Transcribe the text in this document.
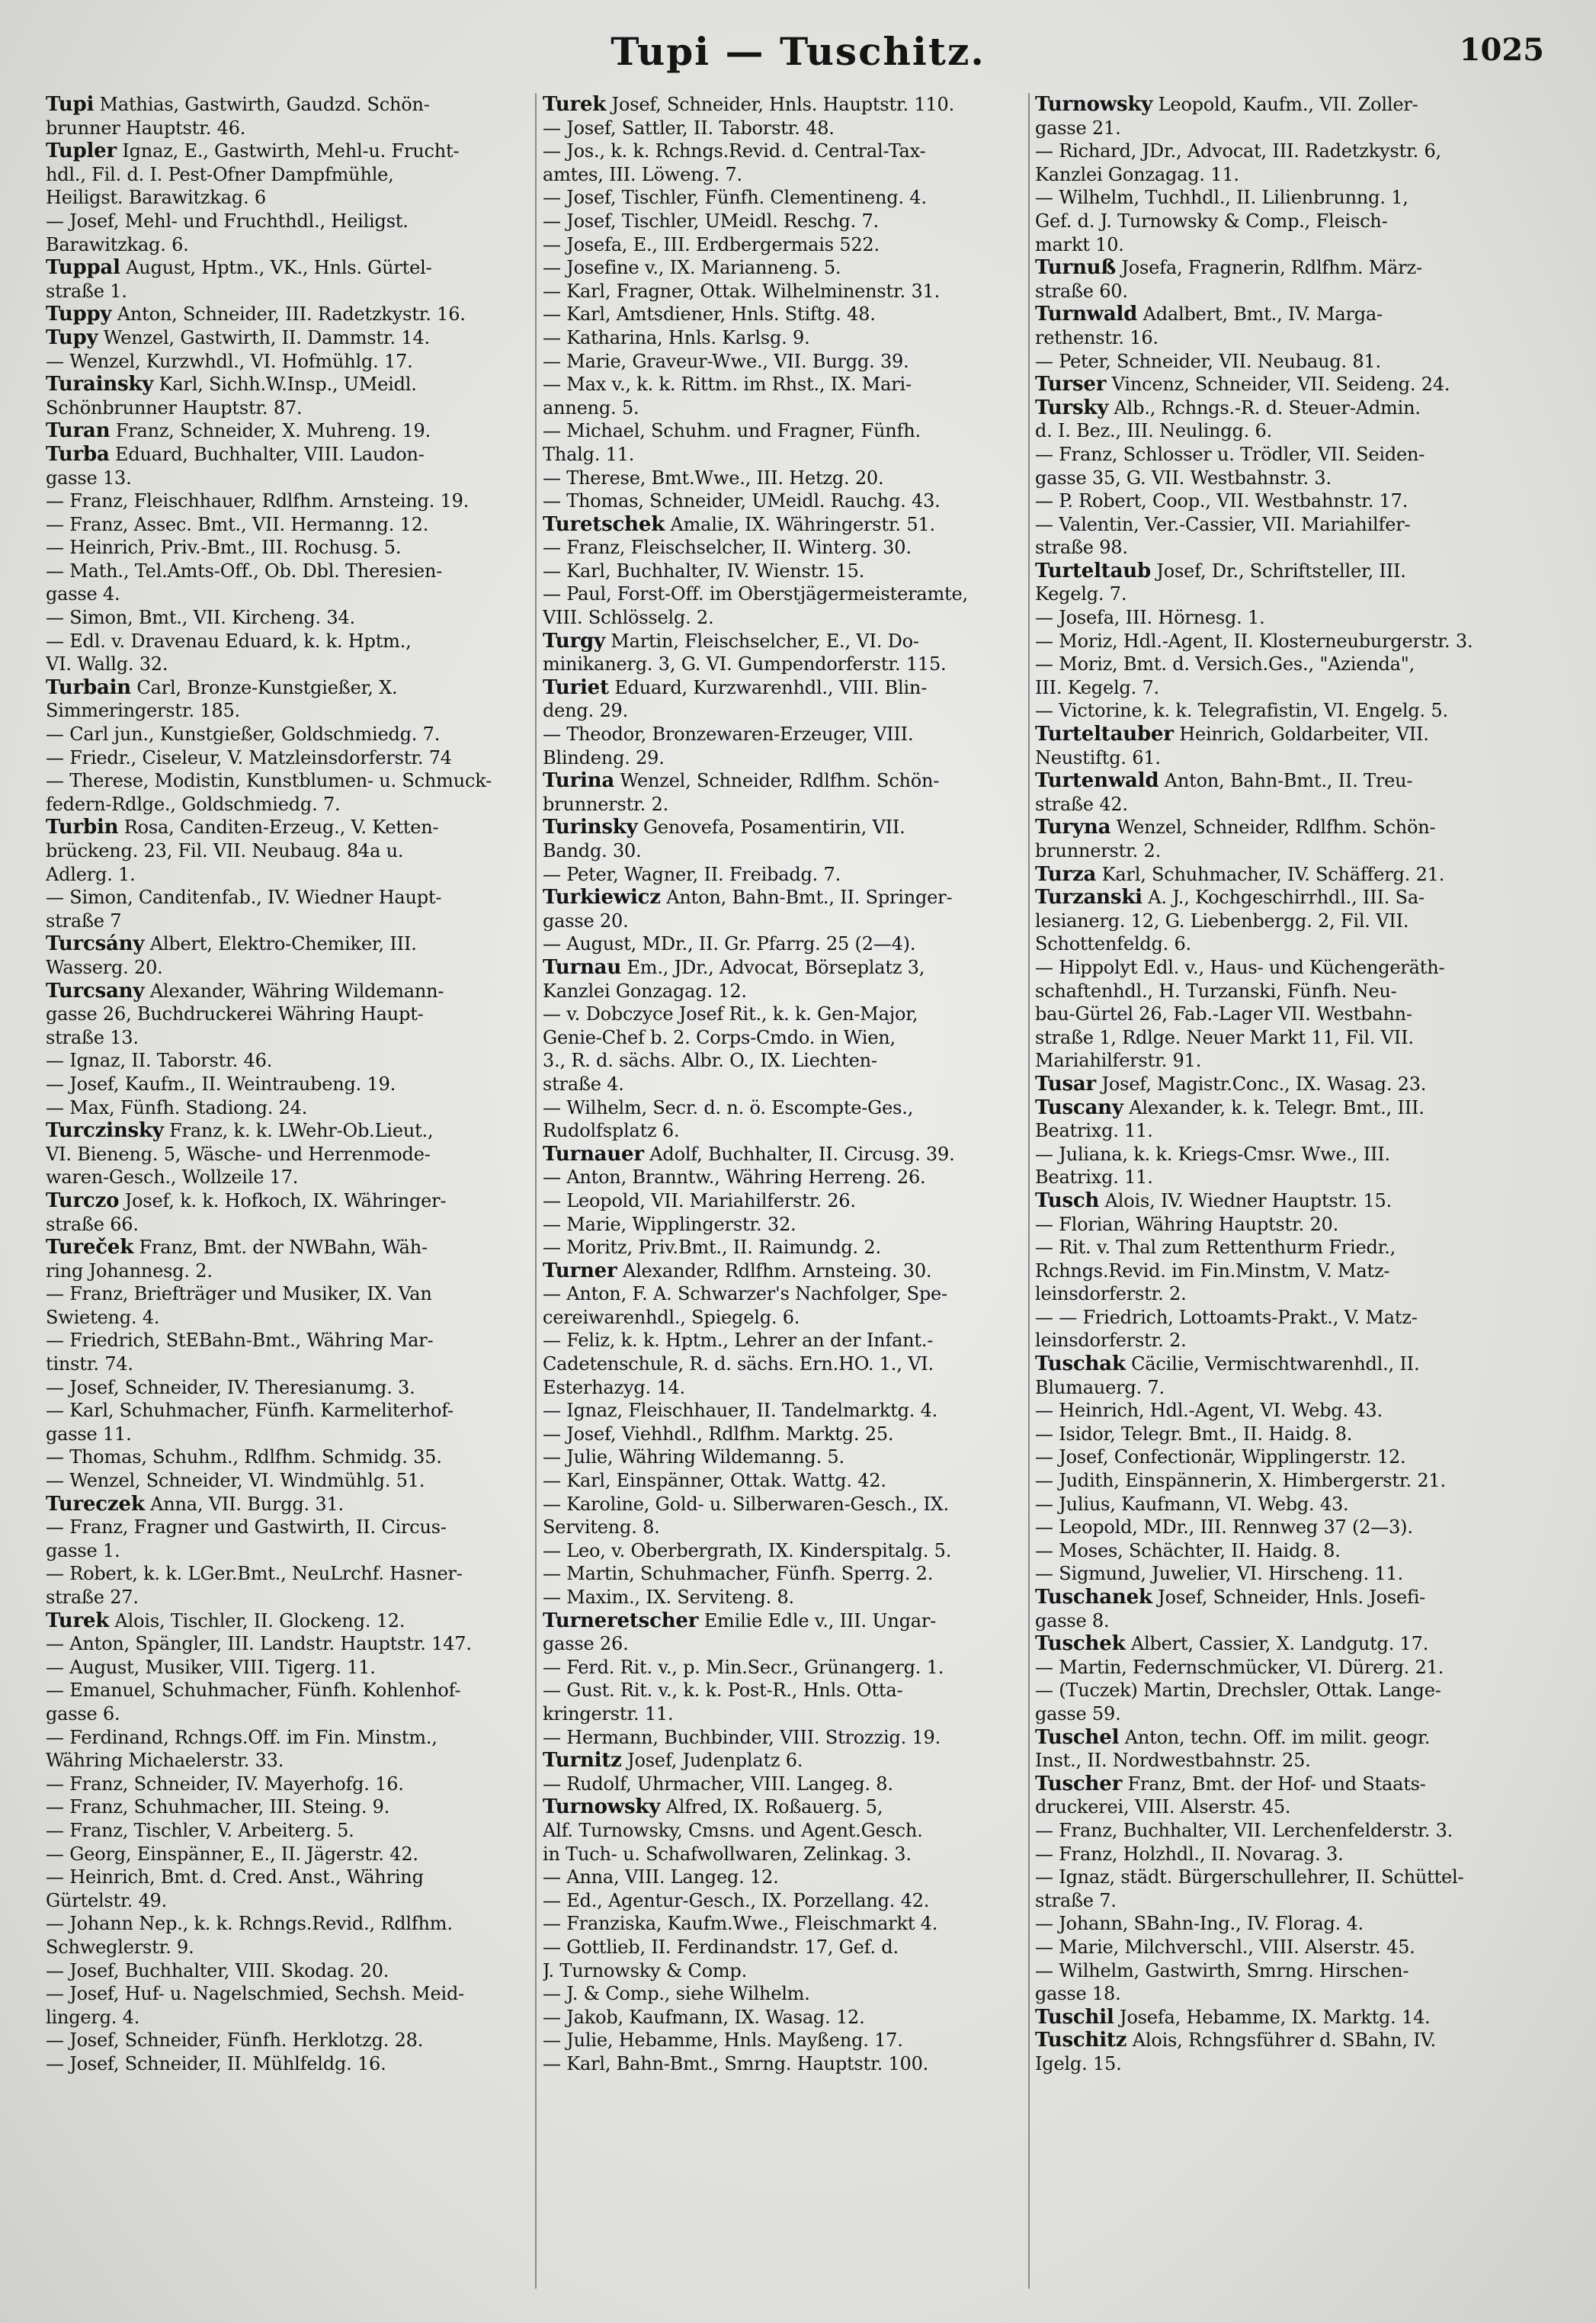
Tupi — Tuschitz.	1025
Tupi Mathias, Gastwirth, Gaudzd. Schön-
brunner Hauptstr. 46.
Tupler Ignaz, E., Gastwirth, Mehl-u. Frucht-
hdl., Fil. d. I. Pest-Ofner Dampfmühle,
Heiligst. Barawitzkag. 6
— Josef, Mehl- und Fruchthdl., Heiligst.
Barawitzkag. 6.
Tuppal August, Hptm., VK., Hnls. Gürtel-
straße 1.
Tuppy Anton, Schneider, III. Radetzkystr. 16.
Tupy Wenzel, Gastwirth, II. Dammstr. 14.
— Wenzel, Kurzwhdl., VI. Hofmühlg. 17.
Turainsky Karl, Sichh.W.Insp., UMeidl.
Schönbrunner Hauptstr. 87.
Turan Franz, Schneider, X. Muhreng. 19.
Turba Eduard, Buchhalter, VIII. Laudon-
gasse 13.
— Franz, Fleischhauer, Rdlfhm. Arnsteing. 19.
— Franz, Assec. Bmt., VII. Hermanng. 12.
— Heinrich, Priv.-Bmt., III. Rochusg. 5.
— Math., Tel.Amts-Off., Ob. Dbl. Theresien-
gasse 4.
— Simon, Bmt., VII. Kircheng. 34.
— Edl. v. Dravenau Eduard, k. k. Hptm.,
VI. Wallg. 32.
Turbain Carl, Bronze-Kunstgießer, X.
Simmeringerstr. 185.
— Carl jun., Kunstgießer, Goldschmiedg. 7.
— Friedr., Ciseleur, V. Matzleinsdorferstr. 74
— Therese, Modistin, Kunstblumen- u. Schmuck-
federn-Rdlge., Goldschmiedg. 7.
Turbin Rosa, Canditen-Erzeug., V. Ketten-
brückeng. 23, Fil. VII. Neubaug. 84a u.
Adlerg. 1.
— Simon, Canditenfab., IV. Wiedner Haupt-
straße 7
Turcsány Albert, Elektro-Chemiker, III.
Wasserg. 20.
Turcsany Alexander, Währing Wildemann-
gasse 26, Buchdruckerei Währing Haupt-
straße 13.
— Ignaz, II. Taborstr. 46.
— Josef, Kaufm., II. Weintraubeng. 19.
— Max, Fünfh. Stadiong. 24.
Turczinsky Franz, k. k. LWehr-Ob.Lieut.,
VI. Bieneng. 5, Wäsche- und Herrenmode-
waren-Gesch., Wollzeile 17.
Turczo Josef, k. k. Hofkoch, IX. Währinger-
straße 66.
Tureček Franz, Bmt. der NWBahn, Wäh-
ring Johannesg. 2.
— Franz, Briefträger und Musiker, IX. Van
Swieteng. 4.
— Friedrich, StEBahn-Bmt., Währing Mar-
tinstr. 74.
— Josef, Schneider, IV. Theresianumg. 3.
— Karl, Schuhmacher, Fünfh. Karmeliterhof-
gasse 11.
— Thomas, Schuhm., Rdlfhm. Schmidg. 35.
— Wenzel, Schneider, VI. Windmühlg. 51.
Tureczek Anna, VII. Burgg. 31.
— Franz, Fragner und Gastwirth, II. Circus-
gasse 1.
— Robert, k. k. LGer.Bmt., NeuLrchf. Hasner-
straße 27.
Turek Alois, Tischler, II. Glockeng. 12.
— Anton, Spängler, III. Landstr. Hauptstr. 147.
— August, Musiker, VIII. Tigerg. 11.
— Emanuel, Schuhmacher, Fünfh. Kohlenhof-
gasse 6.
— Ferdinand, Rchngs.Off. im Fin. Minstm.,
Währing Michaelerstr. 33.
— Franz, Schneider, IV. Mayerhofg. 16.
— Franz, Schuhmacher, III. Steing. 9.
— Franz, Tischler, V. Arbeiterg. 5.
— Georg, Einspänner, E., II. Jägerstr. 42.
— Heinrich, Bmt. d. Cred. Anst., Währing
Gürtelstr. 49.
— Johann Nep., k. k. Rchngs.Revid., Rdlfhm.
Schweglerstr. 9.
— Josef, Buchhalter, VIII. Skodag. 20.
— Josef, Huf- u. Nagelschmied, Sechsh. Meid-
lingerg. 4.
— Josef, Schneider, Fünfh. Herklotzg. 28.
— Josef, Schneider, II. Mühlfeldg. 16.
Turek Josef, Schneider, Hnls. Hauptstr. 110.
— Josef, Sattler, II. Taborstr. 48.
— Jos., k. k. Rchngs.Revid. d. Central-Tax-
amtes, III. Löweng. 7.
— Josef, Tischler, Fünfh. Clementineng. 4.
— Josef, Tischler, UMeidl. Reschg. 7.
— Josefa, E., III. Erdbergermais 522.
— Josefine v., IX. Marianneng. 5.
— Karl, Fragner, Ottak. Wilhelminenstr. 31.
— Karl, Amtsdiener, Hnls. Stiftg. 48.
— Katharina, Hnls. Karlsg. 9.
— Marie, Graveur-Wwe., VII. Burgg. 39.
— Max v., k. k. Rittm. im Rhst., IX. Mari-
anneng. 5.
— Michael, Schuhm. und Fragner, Fünfh.
Thalg. 11.
— Therese, Bmt.Wwe., III. Hetzg. 20.
— Thomas, Schneider, UMeidl. Rauchg. 43.
Turetschek Amalie, IX. Währingerstr. 51.
— Franz, Fleischselcher, II. Winterg. 30.
— Karl, Buchhalter, IV. Wienstr. 15.
— Paul, Forst-Off. im Oberstjägermeisteramte,
VIII. Schlösselg. 2.
Turgy Martin, Fleischselcher, E., VI. Do-
minikanerg. 3, G. VI. Gumpendorferstr. 115.
Turiet Eduard, Kurzwarenhdl., VIII. Blin-
deng. 29.
— Theodor, Bronzewaren-Erzeuger, VIII.
Blindeng. 29.
Turina Wenzel, Schneider, Rdlfhm. Schön-
brunnerstr. 2.
Turinsky Genovefa, Posamentirin, VII.
Bandg. 30.
— Peter, Wagner, II. Freibadg. 7.
Turkiewicz Anton, Bahn-Bmt., II. Springer-
gasse 20.
— August, MDr., II. Gr. Pfarrg. 25 (2—4).
Turnau Em., JDr., Advocat, Börseplatz 3,
Kanzlei Gonzagag. 12.
— v. Dobczyce Josef Rit., k. k. Gen-Major,
Genie-Chef b. 2. Corps-Cmdo. in Wien,
3., R. d. sächs. Albr. O., IX. Liechten-
straße 4.
— Wilhelm, Secr. d. n. ö. Escompte-Ges.,
Rudolfsplatz 6.
Turnauer Adolf, Buchhalter, II. Circusg. 39.
— Anton, Branntw., Währing Herreng. 26.
— Leopold, VII. Mariahilferstr. 26.
— Marie, Wipplingerstr. 32.
— Moritz, Priv.Bmt., II. Raimundg. 2.
Turner Alexander, Rdlfhm. Arnsteing. 30.
— Anton, F. A. Schwarzer's Nachfolger, Spe-
cereiwarenhdl., Spiegelg. 6.
— Feliz, k. k. Hptm., Lehrer an der Infant.-
Cadetenschule, R. d. sächs. Ern.HO. 1., VI.
Esterhazyg. 14.
— Ignaz, Fleischhauer, II. Tandelmarktg. 4.
— Josef, Viehhdl., Rdlfhm. Marktg. 25.
— Julie, Währing Wildemanng. 5.
— Karl, Einspänner, Ottak. Wattg. 42.
— Karoline, Gold- u. Silberwaren-Gesch., IX.
Serviteng. 8.
— Leo, v. Oberbergrath, IX. Kinderspitalg. 5.
— Martin, Schuhmacher, Fünfh. Sperrg. 2.
— Maxim., IX. Serviteng. 8.
Turneretscher Emilie Edle v., III. Ungar-
gasse 26.
— Ferd. Rit. v., p. Min.Secr., Grünangerg. 1.
— Gust. Rit. v., k. k. Post-R., Hnls. Otta-
kringerstr. 11.
— Hermann, Buchbinder, VIII. Strozzig. 19.
Turnitz Josef, Judenplatz 6.
— Rudolf, Uhrmacher, VIII. Langeg. 8.
Turnowsky Alfred, IX. Roßauerg. 5,
Alf. Turnowsky, Cmsns. und Agent.Gesch.
in Tuch- u. Schafwollwaren, Zelinkag. 3.
— Anna, VIII. Langeg. 12.
— Ed., Agentur-Gesch., IX. Porzellang. 42.
— Franziska, Kaufm.Wwe., Fleischmarkt 4.
— Gottlieb, II. Ferdinandstr. 17, Gef. d.
J. Turnowsky & Comp.
— J. & Comp., siehe Wilhelm.
— Jakob, Kaufmann, IX. Wasag. 12.
— Julie, Hebamme, Hnls. Mayßeng. 17.
— Karl, Bahn-Bmt., Smrng. Hauptstr. 100.
Turnowsky Leopold, Kaufm., VII. Zoller-
gasse 21.
— Richard, JDr., Advocat, III. Radetzkystr. 6,
Kanzlei Gonzagag. 11.
— Wilhelm, Tuchhdl., II. Lilienbrunng. 1,
Gef. d. J. Turnowsky & Comp., Fleisch-
markt 10.
Turnuß Josefa, Fragnerin, Rdlfhm. März-
straße 60.
Turnwald Adalbert, Bmt., IV. Marga-
rethenstr. 16.
— Peter, Schneider, VII. Neubaug. 81.
Turser Vincenz, Schneider, VII. Seideng. 24.
Tursky Alb., Rchngs.-R. d. Steuer-Admin.
d. I. Bez., III. Neulingg. 6.
— Franz, Schlosser u. Trödler, VII. Seiden-
gasse 35, G. VII. Westbahnstr. 3.
— P. Robert, Coop., VII. Westbahnstr. 17.
— Valentin, Ver.-Cassier, VII. Mariahilfer-
straße 98.
Turteltaub Josef, Dr., Schriftsteller, III.
Kegelg. 7.
— Josefa, III. Hörnesg. 1.
— Moriz, Hdl.-Agent, II. Klosterneuburgerstr. 3.
— Moriz, Bmt. d. Versich.Ges., "Azienda",
III. Kegelg. 7.
— Victorine, k. k. Telegrafistin, VI. Engelg. 5.
Turteltauber Heinrich, Goldarbeiter, VII.
Neustiftg. 61.
Turtenwald Anton, Bahn-Bmt., II. Treu-
straße 42.
Turyna Wenzel, Schneider, Rdlfhm. Schön-
brunnerstr. 2.
Turza Karl, Schuhmacher, IV. Schäfferg. 21.
Turzanski A. J., Kochgeschirrhdl., III. Sa-
lesianerg. 12, G. Liebenbergg. 2, Fil. VII.
Schottenfeldg. 6.
— Hippolyt Edl. v., Haus- und Küchengeräth-
schaftenhdl., H. Turzanski, Fünfh. Neu-
bau-Gürtel 26, Fab.-Lager VII. Westbahn-
straße 1, Rdlge. Neuer Markt 11, Fil. VII.
Mariahilferstr. 91.
Tusar Josef, Magistr.Conc., IX. Wasag. 23.
Tuscany Alexander, k. k. Telegr. Bmt., III.
Beatrixg. 11.
— Juliana, k. k. Kriegs-Cmsr. Wwe., III.
Beatrixg. 11.
Tusch Alois, IV. Wiedner Hauptstr. 15.
— Florian, Währing Hauptstr. 20.
— Rit. v. Thal zum Rettenthurm Friedr.,
Rchngs.Revid. im Fin.Minstm, V. Matz-
leinsdorferstr. 2.
— — Friedrich, Lottoamts-Prakt., V. Matz-
leinsdorferstr. 2.
Tuschak Cäcilie, Vermischtwarenhdl., II.
Blumauerg. 7.
— Heinrich, Hdl.-Agent, VI. Webg. 43.
— Isidor, Telegr. Bmt., II. Haidg. 8.
— Josef, Confectionär, Wipplingerstr. 12.
— Judith, Einspännerin, X. Himbergerstr. 21.
— Julius, Kaufmann, VI. Webg. 43.
— Leopold, MDr., III. Rennweg 37 (2—3).
— Moses, Schächter, II. Haidg. 8.
— Sigmund, Juwelier, VI. Hirscheng. 11.
Tuschanek Josef, Schneider, Hnls. Josefi-
gasse 8.
Tuschek Albert, Cassier, X. Landgutg. 17.
— Martin, Federnschmücker, VI. Dürerg. 21.
— (Tuczek) Martin, Drechsler, Ottak. Lange-
gasse 59.
Tuschel Anton, techn. Off. im milit. geogr.
Inst., II. Nordwestbahnstr. 25.
Tuscher Franz, Bmt. der Hof- und Staats-
druckerei, VIII. Alserstr. 45.
— Franz, Buchhalter, VII. Lerchenfelderstr. 3.
— Franz, Holzhdl., II. Novarag. 3.
— Ignaz, städt. Bürgerschullehrer, II. Schüttel-
straße 7.
— Johann, SBahn-Ing., IV. Florag. 4.
— Marie, Milchverschl., VIII. Alserstr. 45.
— Wilhelm, Gastwirth, Smrng. Hirschen-
gasse 18.
Tuschil Josefa, Hebamme, IX. Marktg. 14.
Tuschitz Alois, Rchngsführer d. SBahn, IV.
Igelg. 15.
